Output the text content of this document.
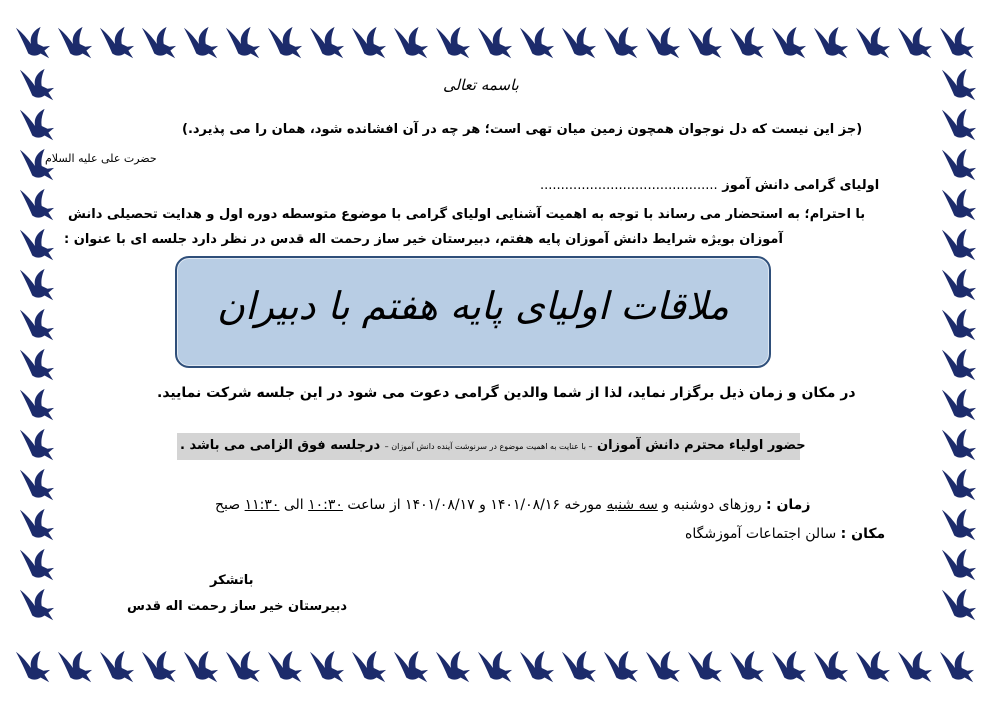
باسمه تعالی
(جز این نیست که دل نوجوان همچون زمین میان تهی است؛ هر چه در آن افشانده شود، همان را می پذیرد.)
حضرت علی علیه السلام
اولیای گرامی دانش آموز ...........................................
با احترام؛ به استحضار می رساند با توجه به اهمیت آشنایی اولیای گرامی با موضوع متوسطه دوره اول و هدایت تحصیلی دانش
آموزان بویژه شرایط دانش آموزان پایه هفتم، دبیرستان خیر ساز رحمت اله قدس در نظر دارد جلسه ای با عنوان :
ملاقات اولیای پایه هفتم با دبیران
در مکان و زمان ذیل برگزار نماید، لذا از شما والدین گرامی دعوت می شود در این جلسه شرکت نمایید.
حضور اولیاء محترم دانش آموزان – با عنایت به اهمیت موضوع در سرنوشت آینده دانش آموزان – درجلسه فوق الزامی می باشد .
زمان : روزهای دوشنبه و سه شنبه مورخه ۱۴۰۱/۰۸/۱۶ و ۱۴۰۱/۰۸/۱۷ از ساعت ۱۰:۳۰ الی ۱۱:۳۰ صبح
مکان : سالن اجتماعات آموزشگاه
باتشکر
دبیرستان خیر ساز رحمت اله قدس
